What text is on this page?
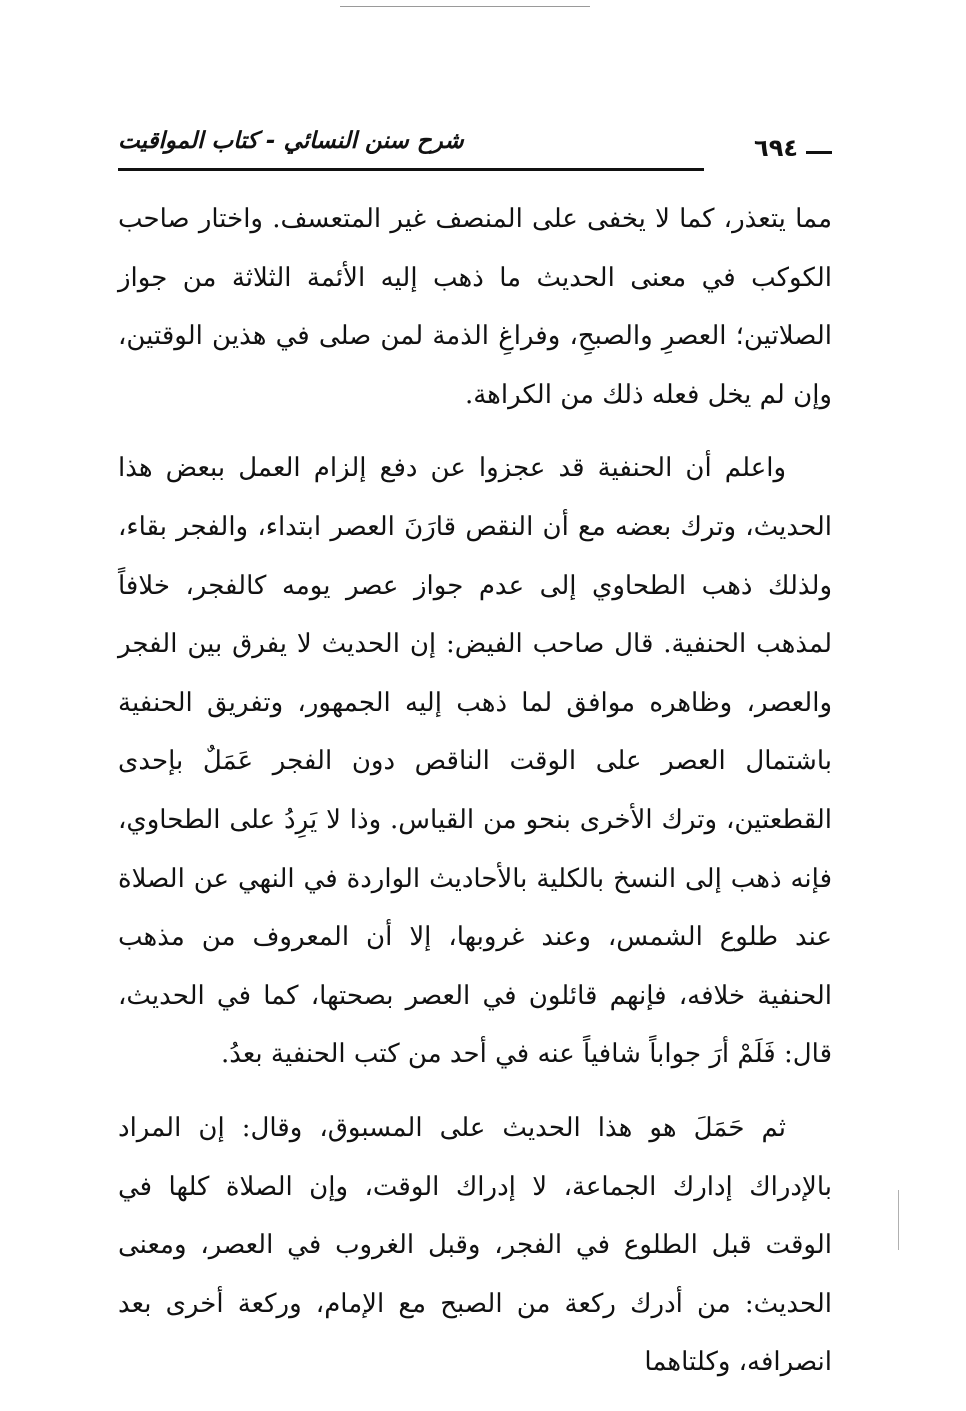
شرح سنن النسائي - كتاب المواقيت	٦٩٤

مما يتعذر، كما لا يخفى على المنصف غير المتعسف. واختار صاحب الكوكب في معنى الحديث ما ذهب إليه الأئمة الثلاثة من جواز الصلاتين؛ العصرِ والصبحِ، وفراغِ الذمة لمن صلى في هذين الوقتين، وإن لم يخل فعله ذلك من الكراهة.

واعلم أن الحنفية قد عجزوا عن دفع إلزام العمل ببعض هذا الحديث، وترك بعضه مع أن النقص قارَنَ العصر ابتداء، والفجر بقاء، ولذلك ذهب الطحاوي إلى عدم جواز عصر يومه كالفجر، خلافاً لمذهب الحنفية. قال صاحب الفيض: إن الحديث لا يفرق بين الفجر والعصر، وظاهره موافق لما ذهب إليه الجمهور، وتفريق الحنفية باشتمال العصر على الوقت الناقص دون الفجر عَمَلٌ بإحدى القطعتين، وترك الأخرى بنحو من القياس. وذا لا يَرِدُ على الطحاوي، فإنه ذهب إلى النسخ بالكلية بالأحاديث الواردة في النهي عن الصلاة عند طلوع الشمس، وعند غروبها، إلا أن المعروف من مذهب الحنفية خلافه، فإنهم قائلون في العصر بصحتها، كما في الحديث، قال: فَلَمْ أرَ جواباً شافياً عنه في أحد من كتب الحنفية بعدُ.

ثم حَمَلَ هو هذا الحديث على المسبوق، وقال: إن المراد بالإدراك إدارك الجماعة، لا إدراك الوقت، وإن الصلاة كلها في الوقت قبل الطلوع في الفجر، وقبل الغروب في العصر، ومعنى الحديث: من أدرك ركعة من الصبح مع الإمام، وركعة أخرى بعد انصرافه، وكلتاهما
